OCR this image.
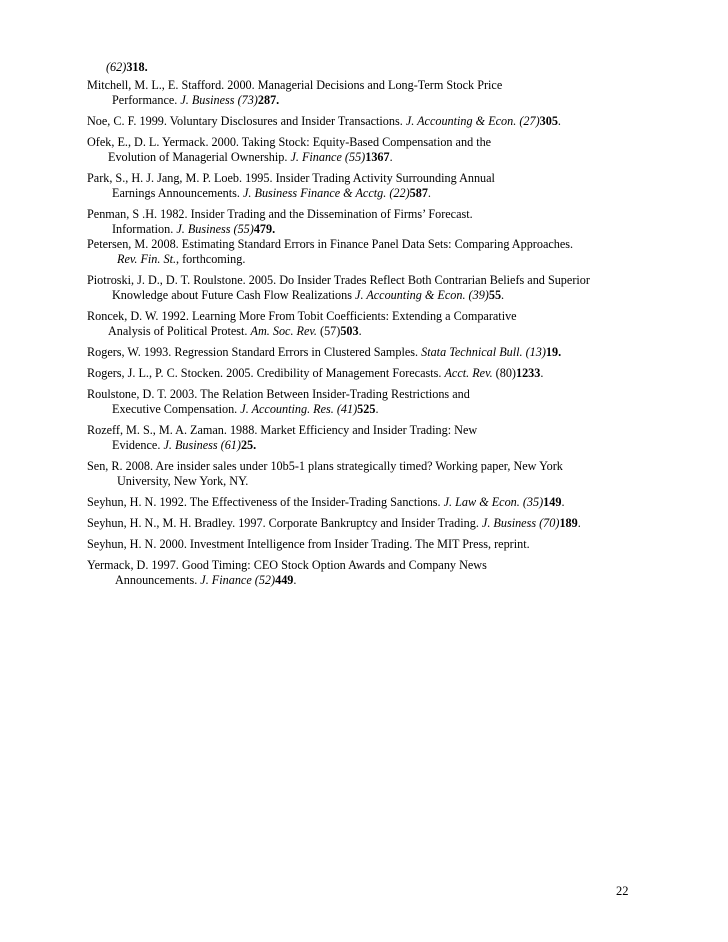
(62)318.

Mitchell, M. L., E. Stafford. 2000. Managerial Decisions and Long-Term Stock Price
Performance. J. Business (73)287.

Noe, C. F. 1999. Voluntary Disclosures and Insider Transactions. J. Accounting & Econ. (27)305.

Ofek, E., D. L. Yermack. 2000. Taking Stock: Equity-Based Compensation and the
Evolution of Managerial Ownership. J. Finance (55)1367.

Park, S., H. J. Jang, M. P. Loeb. 1995. Insider Trading Activity Surrounding Annual
Earnings Announcements. J. Business Finance & Acctg. (22)587.

Penman, S .H. 1982. Insider Trading and the Dissemination of Firms’ Forecast.
Information. J. Business (55)479.

Petersen, M. 2008. Estimating Standard Errors in Finance Panel Data Sets: Comparing Approaches.
Rev. Fin. St., forthcoming.

Piotroski, J. D., D. T. Roulstone. 2005. Do Insider Trades Reflect Both Contrarian Beliefs and Superior
Knowledge about Future Cash Flow Realizations J. Accounting & Econ. (39)55.

Roncek, D. W. 1992. Learning More From Tobit Coefficients: Extending a Comparative
Analysis of Political Protest. Am. Soc. Rev. (57)503.

Rogers, W. 1993. Regression Standard Errors in Clustered Samples. Stata Technical Bull. (13)19.

Rogers, J. L., P. C. Stocken. 2005. Credibility of Management Forecasts. Acct. Rev. (80)1233.

Roulstone, D. T. 2003. The Relation Between Insider-Trading Restrictions and
Executive Compensation. J. Accounting. Res. (41)525.

Rozeff, M. S., M. A. Zaman. 1988. Market Efficiency and Insider Trading: New
Evidence. J. Business (61)25.

Sen, R. 2008. Are insider sales under 10b5-1 plans strategically timed? Working paper, New York
University, New York, NY.

Seyhun, H. N. 1992. The Effectiveness of the Insider-Trading Sanctions. J. Law & Econ. (35)149.

Seyhun, H. N., M. H. Bradley. 1997. Corporate Bankruptcy and Insider Trading. J. Business (70)189.

Seyhun, H. N. 2000. Investment Intelligence from Insider Trading. The MIT Press, reprint.

Yermack, D. 1997. Good Timing: CEO Stock Option Awards and Company News
Announcements. J. Finance (52)449.

22
